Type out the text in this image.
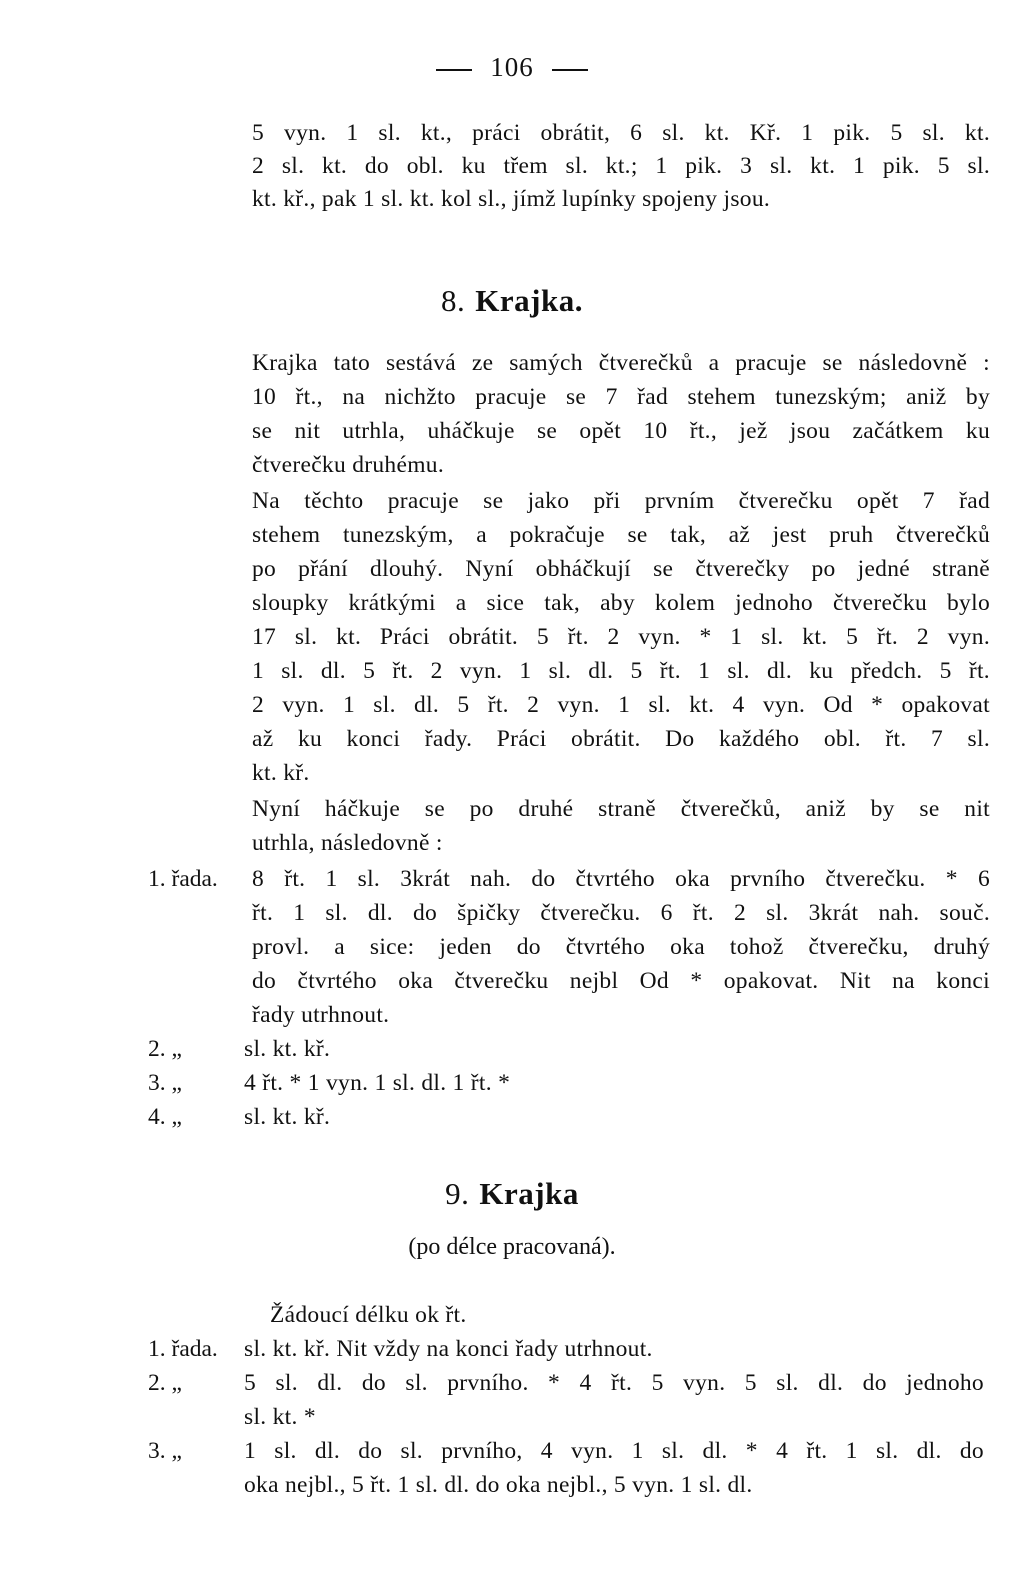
106
5 vyn. 1 sl. kt., práci obrátit, 6 sl. kt. Kř. 1 pik. 5 sl. kt.
2 sl. kt. do obl. ku třem sl. kt.; 1 pik. 3 sl. kt. 1 pik. 5 sl.
kt. kř., pak 1 sl. kt. kol sl., jímž lupínky spojeny jsou.
8. Krajka.
Krajka tato sestává ze samých čtverečků a pracuje se následovně :
10 řt., na nichžto pracuje se 7 řad stehem tunezským; aniž by
se nit utrhla, uháčkuje se opět 10 řt., jež jsou začátkem ku
čtverečku druhému.
Na těchto pracuje se jako při prvním čtverečku opět 7 řad
stehem tunezským, a pokračuje se tak, až jest pruh čtverečků
po přání dlouhý. Nyní obháčkují se čtverečky po jedné straně
sloupky krátkými a sice tak, aby kolem jednoho čtverečku bylo
17 sl. kt. Práci obrátit. 5 řt. 2 vyn. * 1 sl. kt. 5 řt. 2 vyn.
1 sl. dl. 5 řt. 2 vyn. 1 sl. dl. 5 řt. 1 sl. dl. ku předch. 5 řt.
2 vyn. 1 sl. dl. 5 řt. 2 vyn. 1 sl. kt. 4 vyn. Od * opakovat
až ku konci řady. Práci obrátit. Do každého obl. řt. 7 sl.
kt. kř.
Nyní háčkuje se po druhé straně čtverečků, aniž by se nit
utrhla, následovně :
1. řada. 8 řt. 1 sl. 3krát nah. do čtvrtého oka prvního čtverečku. * 6
řt. 1 sl. dl. do špičky čtverečku. 6 řt. 2 sl. 3krát nah. souč.
provl. a sice: jeden do čtvrtého oka tohož čtverečku, druhý
do čtvrtého oka čtverečku nejbl Od * opakovat. Nit na konci
řady utrhnout.
2. „	sl. kt. kř.
3. „	4 řt. * 1 vyn. 1 sl. dl. 1 řt. *
4. „	sl. kt. kř.
9. Krajka
(po délce pracovaná).
Žádoucí délku ok řt.
1. řada. sl. kt. kř. Nit vždy na konci řady utrhnout.
2. „	5 sl. dl. do sl. prvního. * 4 řt. 5 vyn. 5 sl. dl. do jednoho
sl. kt. *
3. „	1 sl. dl. do sl. prvního, 4 vyn. 1 sl. dl. * 4 řt. 1 sl. dl. do
oka nejbl., 5 řt. 1 sl. dl. do oka nejbl., 5 vyn. 1 sl. dl.
